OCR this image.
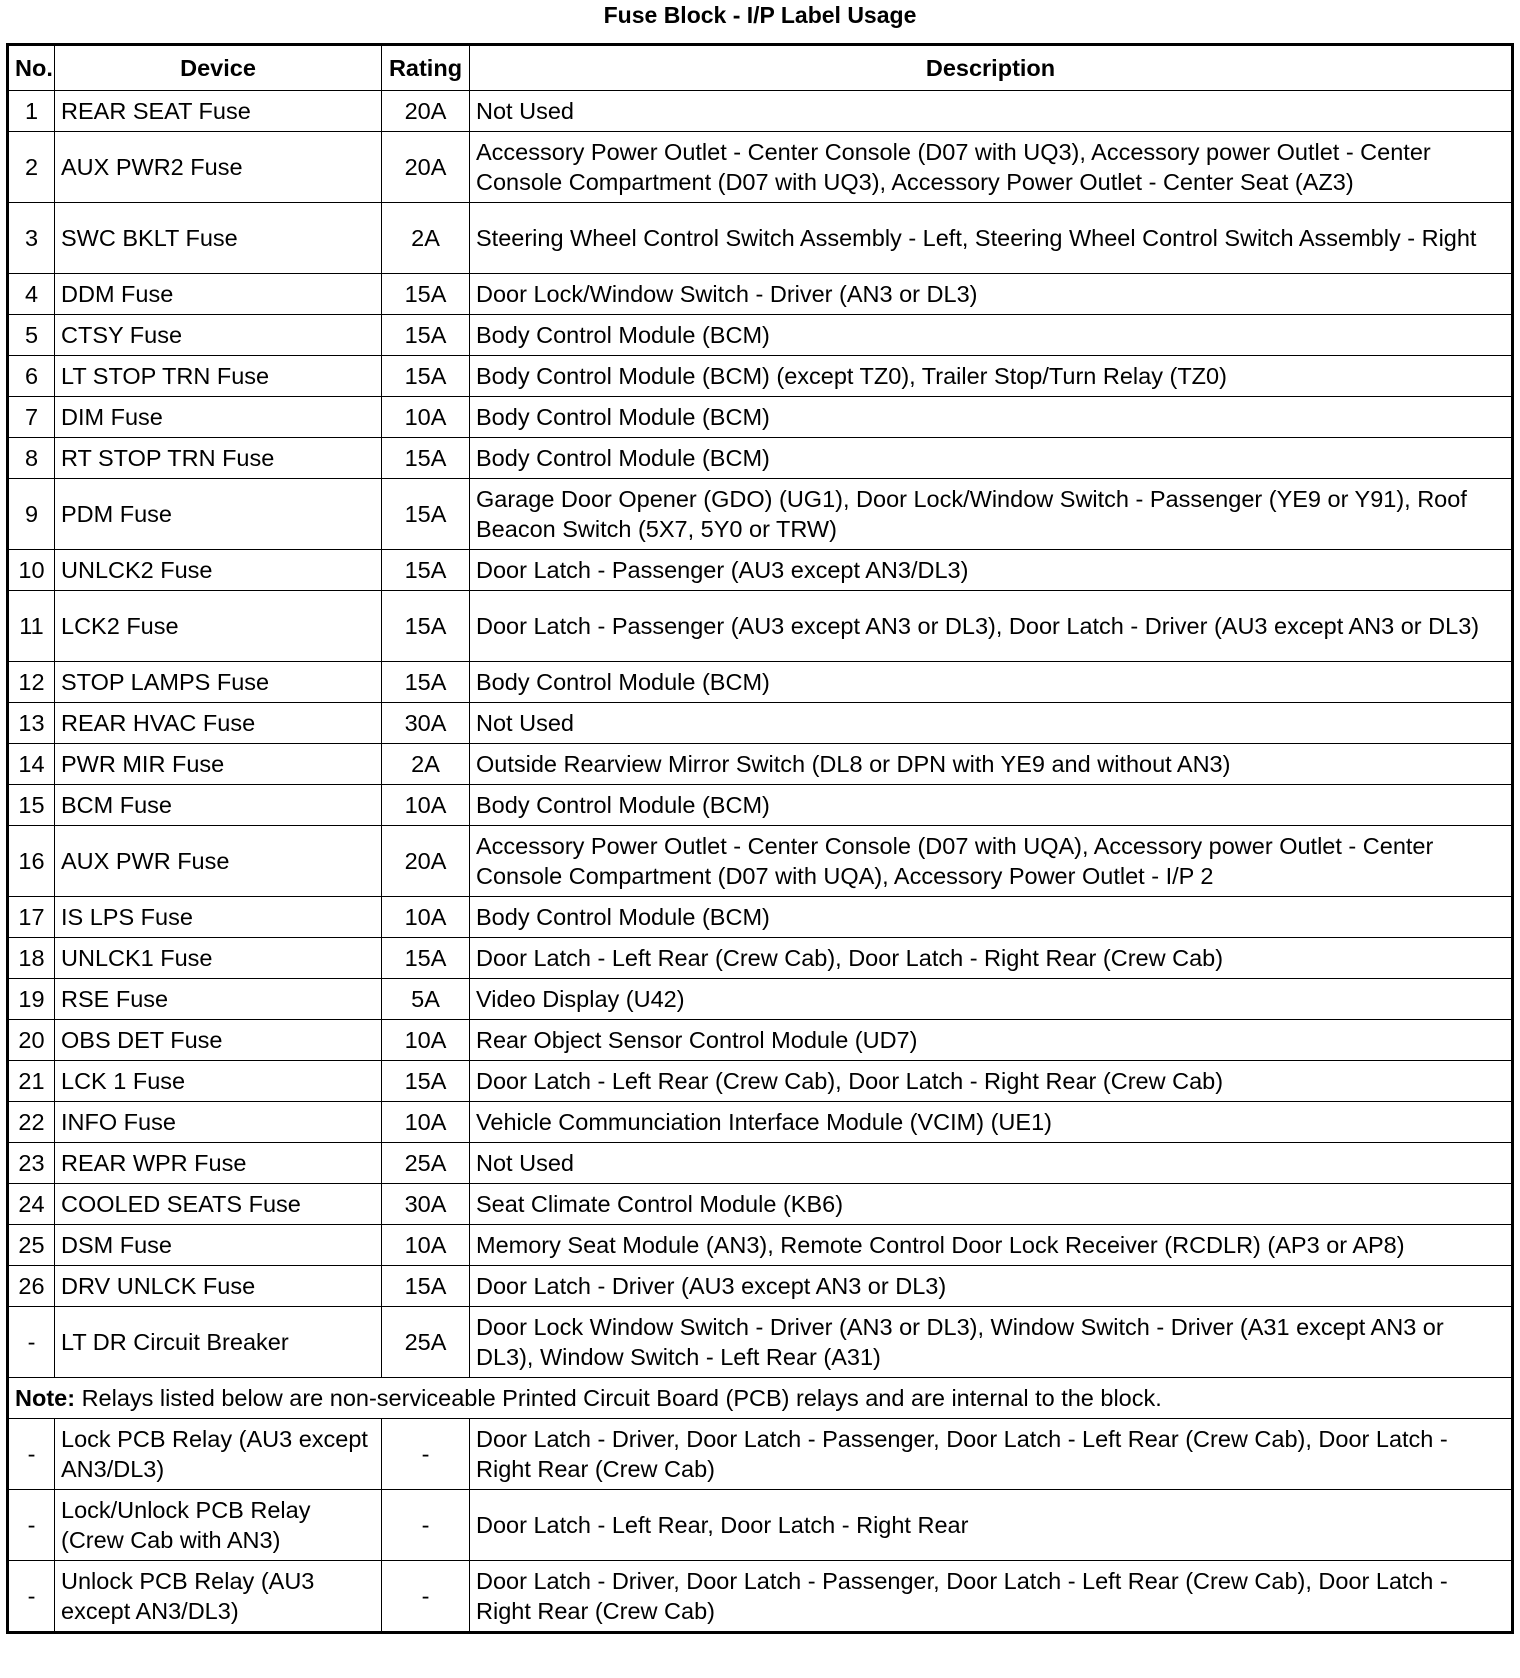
Fuse Block - I/P Label Usage
No.	Device	Rating	Description
1	REAR SEAT Fuse	20A	Not Used
2	AUX PWR2 Fuse	20A	Accessory Power Outlet - Center Console (D07 with UQ3), Accessory power Outlet - Center Console Compartment (D07 with UQ3), Accessory Power Outlet - Center Seat (AZ3)
3	SWC BKLT Fuse	2A	Steering Wheel Control Switch Assembly - Left, Steering Wheel Control Switch Assembly - Right
4	DDM Fuse	15A	Door Lock/Window Switch - Driver (AN3 or DL3)
5	CTSY Fuse	15A	Body Control Module (BCM)
6	LT STOP TRN Fuse	15A	Body Control Module (BCM) (except TZ0), Trailer Stop/Turn Relay (TZ0)
7	DIM Fuse	10A	Body Control Module (BCM)
8	RT STOP TRN Fuse	15A	Body Control Module (BCM)
9	PDM Fuse	15A	Garage Door Opener (GDO) (UG1), Door Lock/Window Switch - Passenger (YE9 or Y91), Roof Beacon Switch (5X7, 5Y0 or TRW)
10	UNLCK2 Fuse	15A	Door Latch - Passenger (AU3 except AN3/DL3)
11	LCK2 Fuse	15A	Door Latch - Passenger (AU3 except AN3 or DL3), Door Latch - Driver (AU3 except AN3 or DL3)
12	STOP LAMPS Fuse	15A	Body Control Module (BCM)
13	REAR HVAC Fuse	30A	Not Used
14	PWR MIR Fuse	2A	Outside Rearview Mirror Switch (DL8 or DPN with YE9 and without AN3)
15	BCM Fuse	10A	Body Control Module (BCM)
16	AUX PWR Fuse	20A	Accessory Power Outlet - Center Console (D07 with UQA), Accessory power Outlet - Center Console Compartment (D07 with UQA), Accessory Power Outlet - I/P 2
17	IS LPS Fuse	10A	Body Control Module (BCM)
18	UNLCK1 Fuse	15A	Door Latch - Left Rear (Crew Cab), Door Latch - Right Rear (Crew Cab)
19	RSE Fuse	5A	Video Display (U42)
20	OBS DET Fuse	10A	Rear Object Sensor Control Module (UD7)
21	LCK 1 Fuse	15A	Door Latch - Left Rear (Crew Cab), Door Latch - Right Rear (Crew Cab)
22	INFO Fuse	10A	Vehicle Communciation Interface Module (VCIM) (UE1)
23	REAR WPR Fuse	25A	Not Used
24	COOLED SEATS Fuse	30A	Seat Climate Control Module (KB6)
25	DSM Fuse	10A	Memory Seat Module (AN3), Remote Control Door Lock Receiver (RCDLR) (AP3 or AP8)
26	DRV UNLCK Fuse	15A	Door Latch - Driver (AU3 except AN3 or DL3)
-	LT DR Circuit Breaker	25A	Door Lock Window Switch - Driver (AN3 or DL3), Window Switch - Driver (A31 except AN3 or DL3), Window Switch - Left Rear (A31)
Note: Relays listed below are non-serviceable Printed Circuit Board (PCB) relays and are internal to the block.			
-	Lock PCB Relay (AU3 except AN3/DL3)	-	Door Latch - Driver, Door Latch - Passenger, Door Latch - Left Rear (Crew Cab), Door Latch - Right Rear (Crew Cab)
-	Lock/Unlock PCB Relay (Crew Cab with AN3)	-	Door Latch - Left Rear, Door Latch - Right Rear
-	Unlock PCB Relay (AU3 except AN3/DL3)	-	Door Latch - Driver, Door Latch - Passenger, Door Latch - Left Rear (Crew Cab), Door Latch - Right Rear (Crew Cab)
